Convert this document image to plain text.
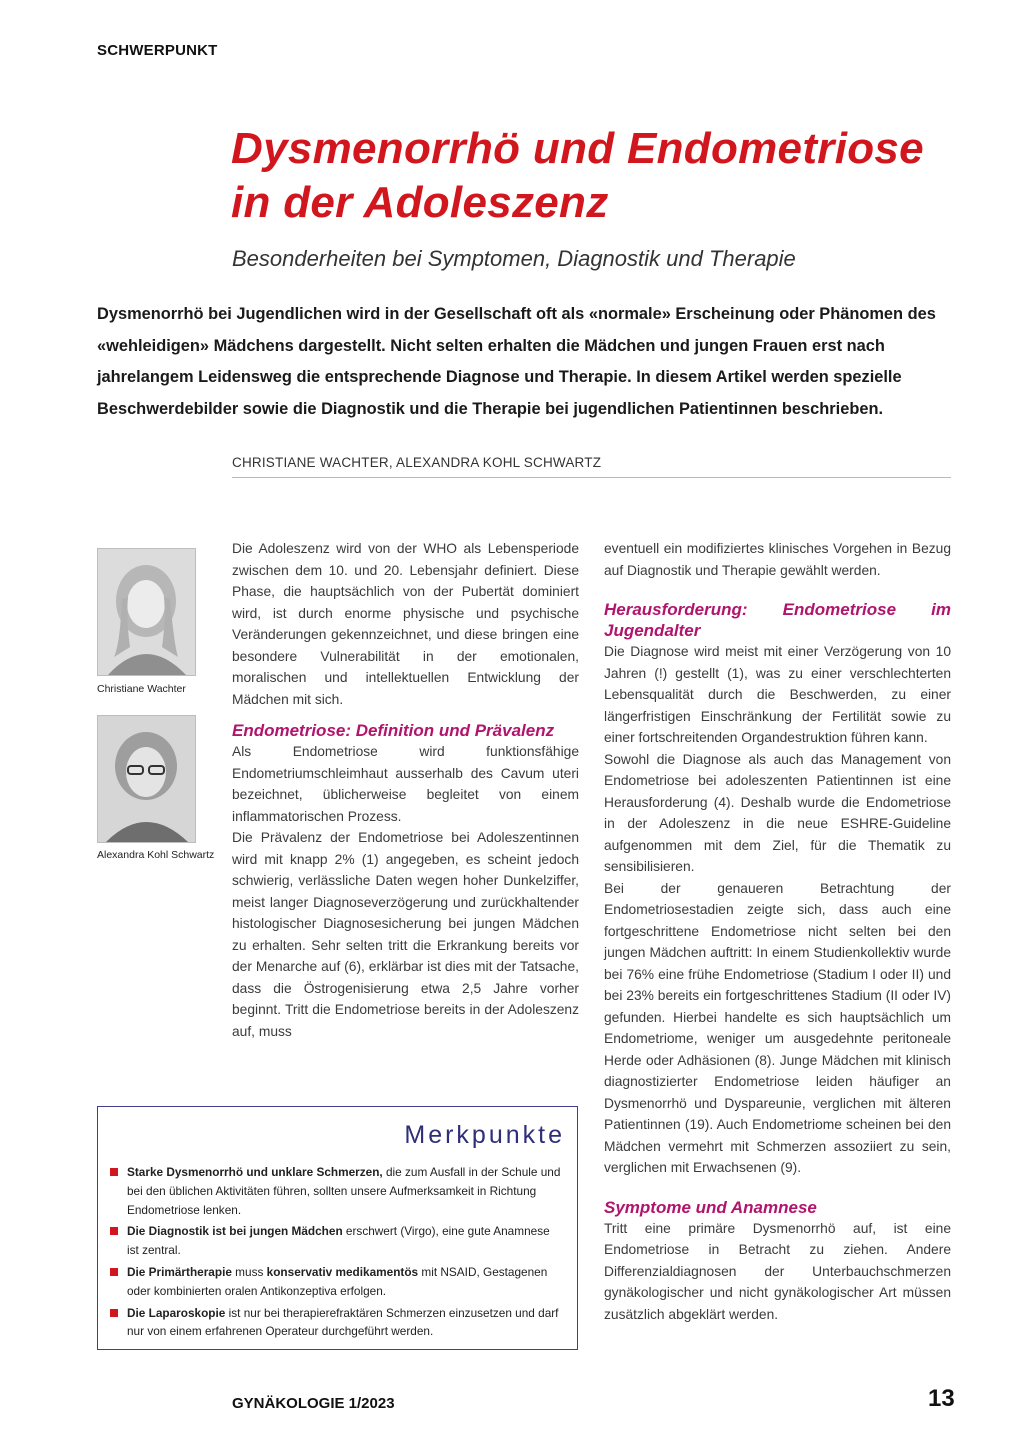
SCHWERPUNKT
Dysmenorrhö und Endometriose
in der Adoleszenz
Besonderheiten bei Symptomen, Diagnostik und Therapie

Dysmenorrhö bei Jugendlichen wird in der Gesellschaft oft als «normale» Erscheinung oder Phänomen des «wehleidigen» Mädchens dargestellt. Nicht selten erhalten die Mädchen und jungen Frauen erst nach jahrelangem Leidensweg die entsprechende Diagnose und Therapie. In diesem Artikel werden spezielle Beschwerdebilder sowie die Diagnostik und die Therapie bei jugendlichen Patientinnen beschrieben.

CHRISTIANE WACHTER, ALEXANDRA KOHL SCHWARTZ
Christiane Wachter
Alexandra Kohl Schwartz

Die Adoleszenz wird von der WHO als Lebensperiode zwischen dem 10. und 20. Lebensjahr definiert. Diese Phase, die hauptsächlich von der Pubertät dominiert wird, ist durch enorme physische und psychische Veränderungen gekennzeichnet, und diese bringen eine besondere Vulnerabilität in der emotionalen, moralischen und intellektuellen Entwicklung der Mädchen mit sich.

Endometriose: Definition und Prävalenz

Als Endometriose wird funktionsfähige Endometriumschleimhaut ausserhalb des Cavum uteri bezeichnet, üblicherweise begleitet von einem inflammatorischen Prozess.

Die Prävalenz der Endometriose bei Adoleszentinnen wird mit knapp 2% (1) angegeben, es scheint jedoch schwierig, verlässliche Daten wegen hoher Dunkelziffer, meist langer Diagnoseverzögerung und zurückhaltender histologischer Diagnosesicherung bei jungen Mädchen zu erhalten. Sehr selten tritt die Erkrankung bereits vor der Menarche auf (6), erklärbar ist dies mit der Tatsache, dass die Östrogenisierung etwa 2,5 Jahre vorher beginnt. Tritt die Endometriose bereits in der Adoleszenz auf, muss

eventuell ein modifiziertes klinisches Vorgehen in Bezug auf Diagnostik und Therapie gewählt werden.

Herausforderung: Endometriose im Jugendalter

Die Diagnose wird meist mit einer Verzögerung von 10 Jahren (!) gestellt (1), was zu einer verschlechterten Lebensqualität durch die Beschwerden, zu einer längerfristigen Einschränkung der Fertilität sowie zu einer fortschreitenden Organdestruktion führen kann.

Sowohl die Diagnose als auch das Management von Endometriose bei adoleszenten Patientinnen ist eine Herausforderung (4). Deshalb wurde die Endometriose in der Adoleszenz in die neue ESHRE-Guideline aufgenommen mit dem Ziel, für die Thematik zu sensibilisieren.

Bei der genaueren Betrachtung der Endometriosestadien zeigte sich, dass auch eine fortgeschrittene Endometriose nicht selten bei den jungen Mädchen auftritt: In einem Studienkollektiv wurde bei 76% eine frühe Endometriose (Stadium I oder II) und bei 23% bereits ein fortgeschrittenes Stadium (II oder IV) gefunden. Hierbei handelte es sich hauptsächlich um Endometriome, weniger um ausgedehnte peritoneale Herde oder Adhäsionen (8). Junge Mädchen mit klinisch diagnostizierter Endometriose leiden häufiger an Dysmenorrhö und Dyspareunie, verglichen mit älteren Patientinnen (19). Auch Endometriome scheinen bei den Mädchen vermehrt mit Schmerzen assoziiert zu sein, verglichen mit Erwachsenen (9).

Symptome und Anamnese

Tritt eine primäre Dysmenorrhö auf, ist eine Endometriose in Betracht zu ziehen. Andere Differenzialdiagnosen der Unterbauchschmerzen gynäkologischer und nicht gynäkologischer Art müssen zusätzlich abgeklärt werden.

Merkpunkte
Starke Dysmenorrhö und unklare Schmerzen, die zum Ausfall in der Schule und bei den üblichen Aktivitäten führen, sollten unsere Aufmerksamkeit in Richtung Endometriose lenken.
Die Diagnostik ist bei jungen Mädchen erschwert (Virgo), eine gute Anamnese ist zentral.
Die Primärtherapie muss konservativ medikamentös mit NSAID, Gestagenen oder kombinierten oralen Antikonzeptiva erfolgen.
Die Laparoskopie ist nur bei therapierefraktären Schmerzen einzusetzen und darf nur von einem erfahrenen Operateur durchgeführt werden.
GYNÄKOLOGIE 1/2023	13
